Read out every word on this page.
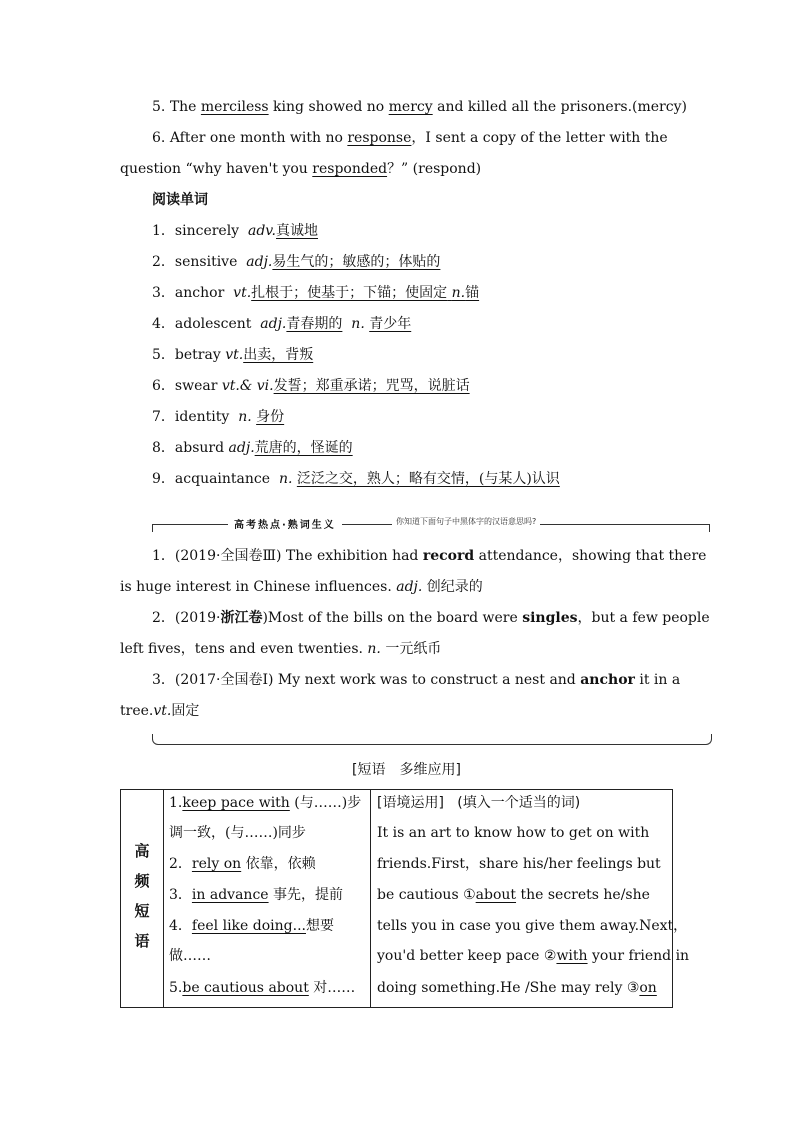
5. The merciless king showed no mercy and killed all the prisoners.(mercy)
6. After one month with no response，I sent a copy of the letter with the
question “why haven't you responded？” (respond)
阅读单词
1．sincerely adv.真诚地
2．sensitive adj.易生气的；敏感的；体贴的
3．anchor vt.扎根于；使基于；下锚；使固定 n.锚
4．adolescent adj.青春期的 n. 青少年
5．betray vt.出卖，背叛
6．swear vt.& vi.发誓；郑重承诺；咒骂，说脏话
7．identity n. 身份
8．absurd adj.荒唐的，怪诞的
9．acquaintance n. 泛泛之交，熟人；略有交情，(与某人)认识
高考热点·熟词生义	你知道下面句子中黑体字的汉语意思吗?
1．(2019·全国卷Ⅲ) The exhibition had record attendance，showing that there
is huge interest in Chinese influences. adj. 创纪录的
2．(2019·浙江卷)Most of the bills on the board were singles，but a few people
left fives，tens and even twenties. n. 一元纸币
3．(2017·全国卷Ⅰ) My next work was to construct a nest and anchor it in a
tree.vt.固定
[短语　多维应用]
高
频
短
语
1.keep pace with (与……)步
调一致，(与……)同步
2．rely on 依靠，依赖
3．in advance 事先，提前
4．feel like doing...想要
做……
5.be cautious about 对……
[语境运用] (填入一个适当的词)
It is an art to know how to get on with
friends.First，share his/her feelings but
be cautious ①about the secrets he/she
tells you in case you give them away.Next，
you'd better keep pace ②with your friend in
doing something.He /She may rely ③on
